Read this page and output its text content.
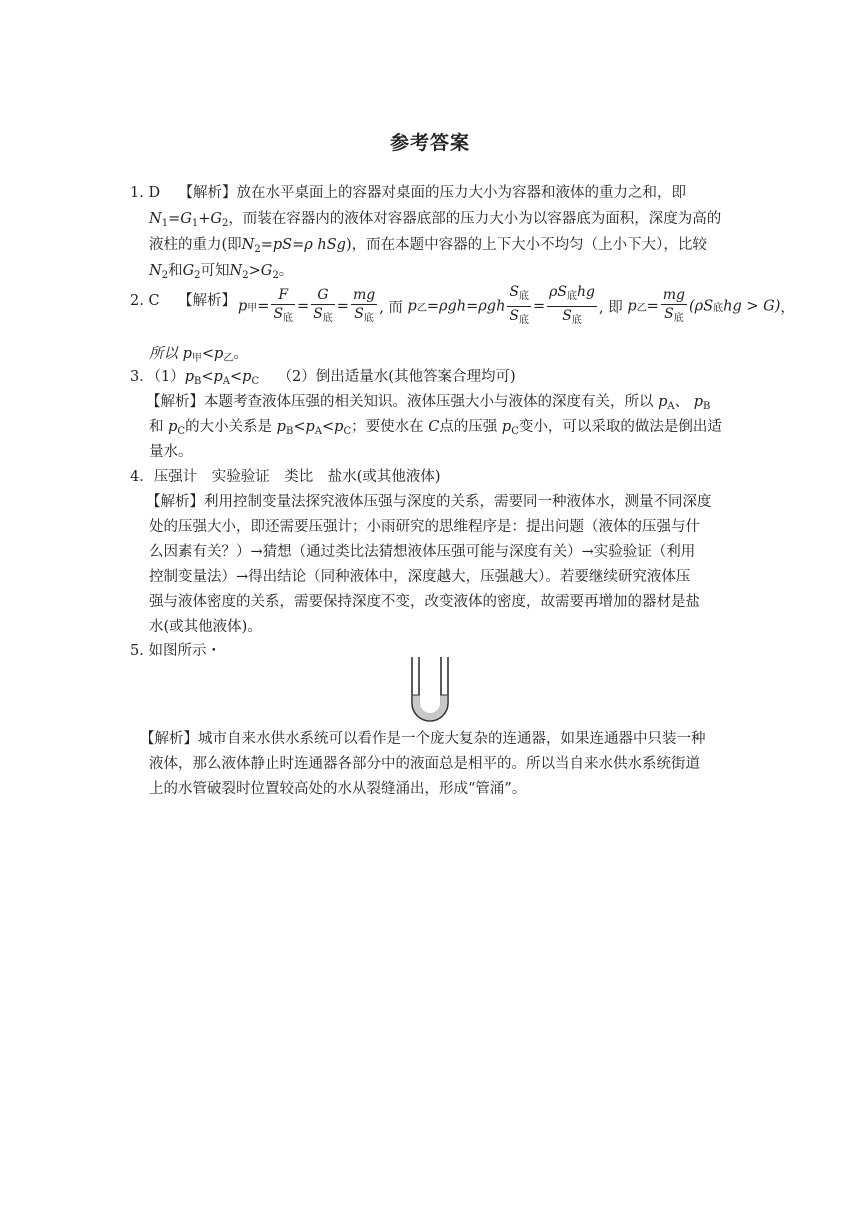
参考答案
1. D 【解析】放在水平桌面上的容器对桌面的压力大小为容器和液体的重力之和，即
$N_1=G_1+G_2$，而装在容器内的液体对容器底部的压力大小为以容器底为面积，深度为高的
液柱的重力(即$N_2=pS=\rho$ hSg)，而在本题中容器的上下大小不均匀（上小下大），比较
$N_2$和$G_2$可知$N_2>G_2$。
2. C 【解析】 p甲= $\frac{F}{S_底} = \frac{G}{S_底} = \frac{mg}{S_底}$ , 而 p乙$=\rho gh=\rho gh \frac{S_底}{S_底} = \frac{\rho S_底hg}{S_底}$ , 即 p乙= $\frac{mg}{S_底} (\rho S$底hg > G)，
所以 $p_甲<p_乙$。
3．$(1)p_B<p_A<p_C$ （2）倒出适量水(其他答案合理均可)
【解析】本题考查液体压强的相关知识。液体压强大小与液体的深度有关，所以 $p_A$、 $p_B$
和 $p_C$的大小关系是 $p_B<p_A<p_C$；要使水在 C点的压强 $p_C$变小，可以采取的做法是倒出适
量水。
4．压强计　实验验证　类比　盐水(或其他液体)
【解析】利用控制变量法探究液体压强与深度的关系，需要同一种液体水，测量不同深度
处的压强大小，即还需要压强计；小雨研究的思维程序是：提出问题（液体的压强与什
么因素有关？）→猜想（通过类比法猜想液体压强可能与深度有关）→实验验证（利用
控制变量法）→得出结论（同种液体中，深度越大，压强越大）。若要继续研究液体压
强与液体密度的关系，需要保持深度不变，改变液体的密度，故需要再增加的器材是盐
水(或其他液体)。
5. 如图所示・
【解析】城市自来水供水系统可以看作是一个庞大复杂的连通器，如果连通器中只装一种
液体，那么液体静止时连通器各部分中的液面总是相平的。所以当自来水供水系统街道
上的水管破裂时位置较高处的水从裂缝涌出，形成“管涌”。
